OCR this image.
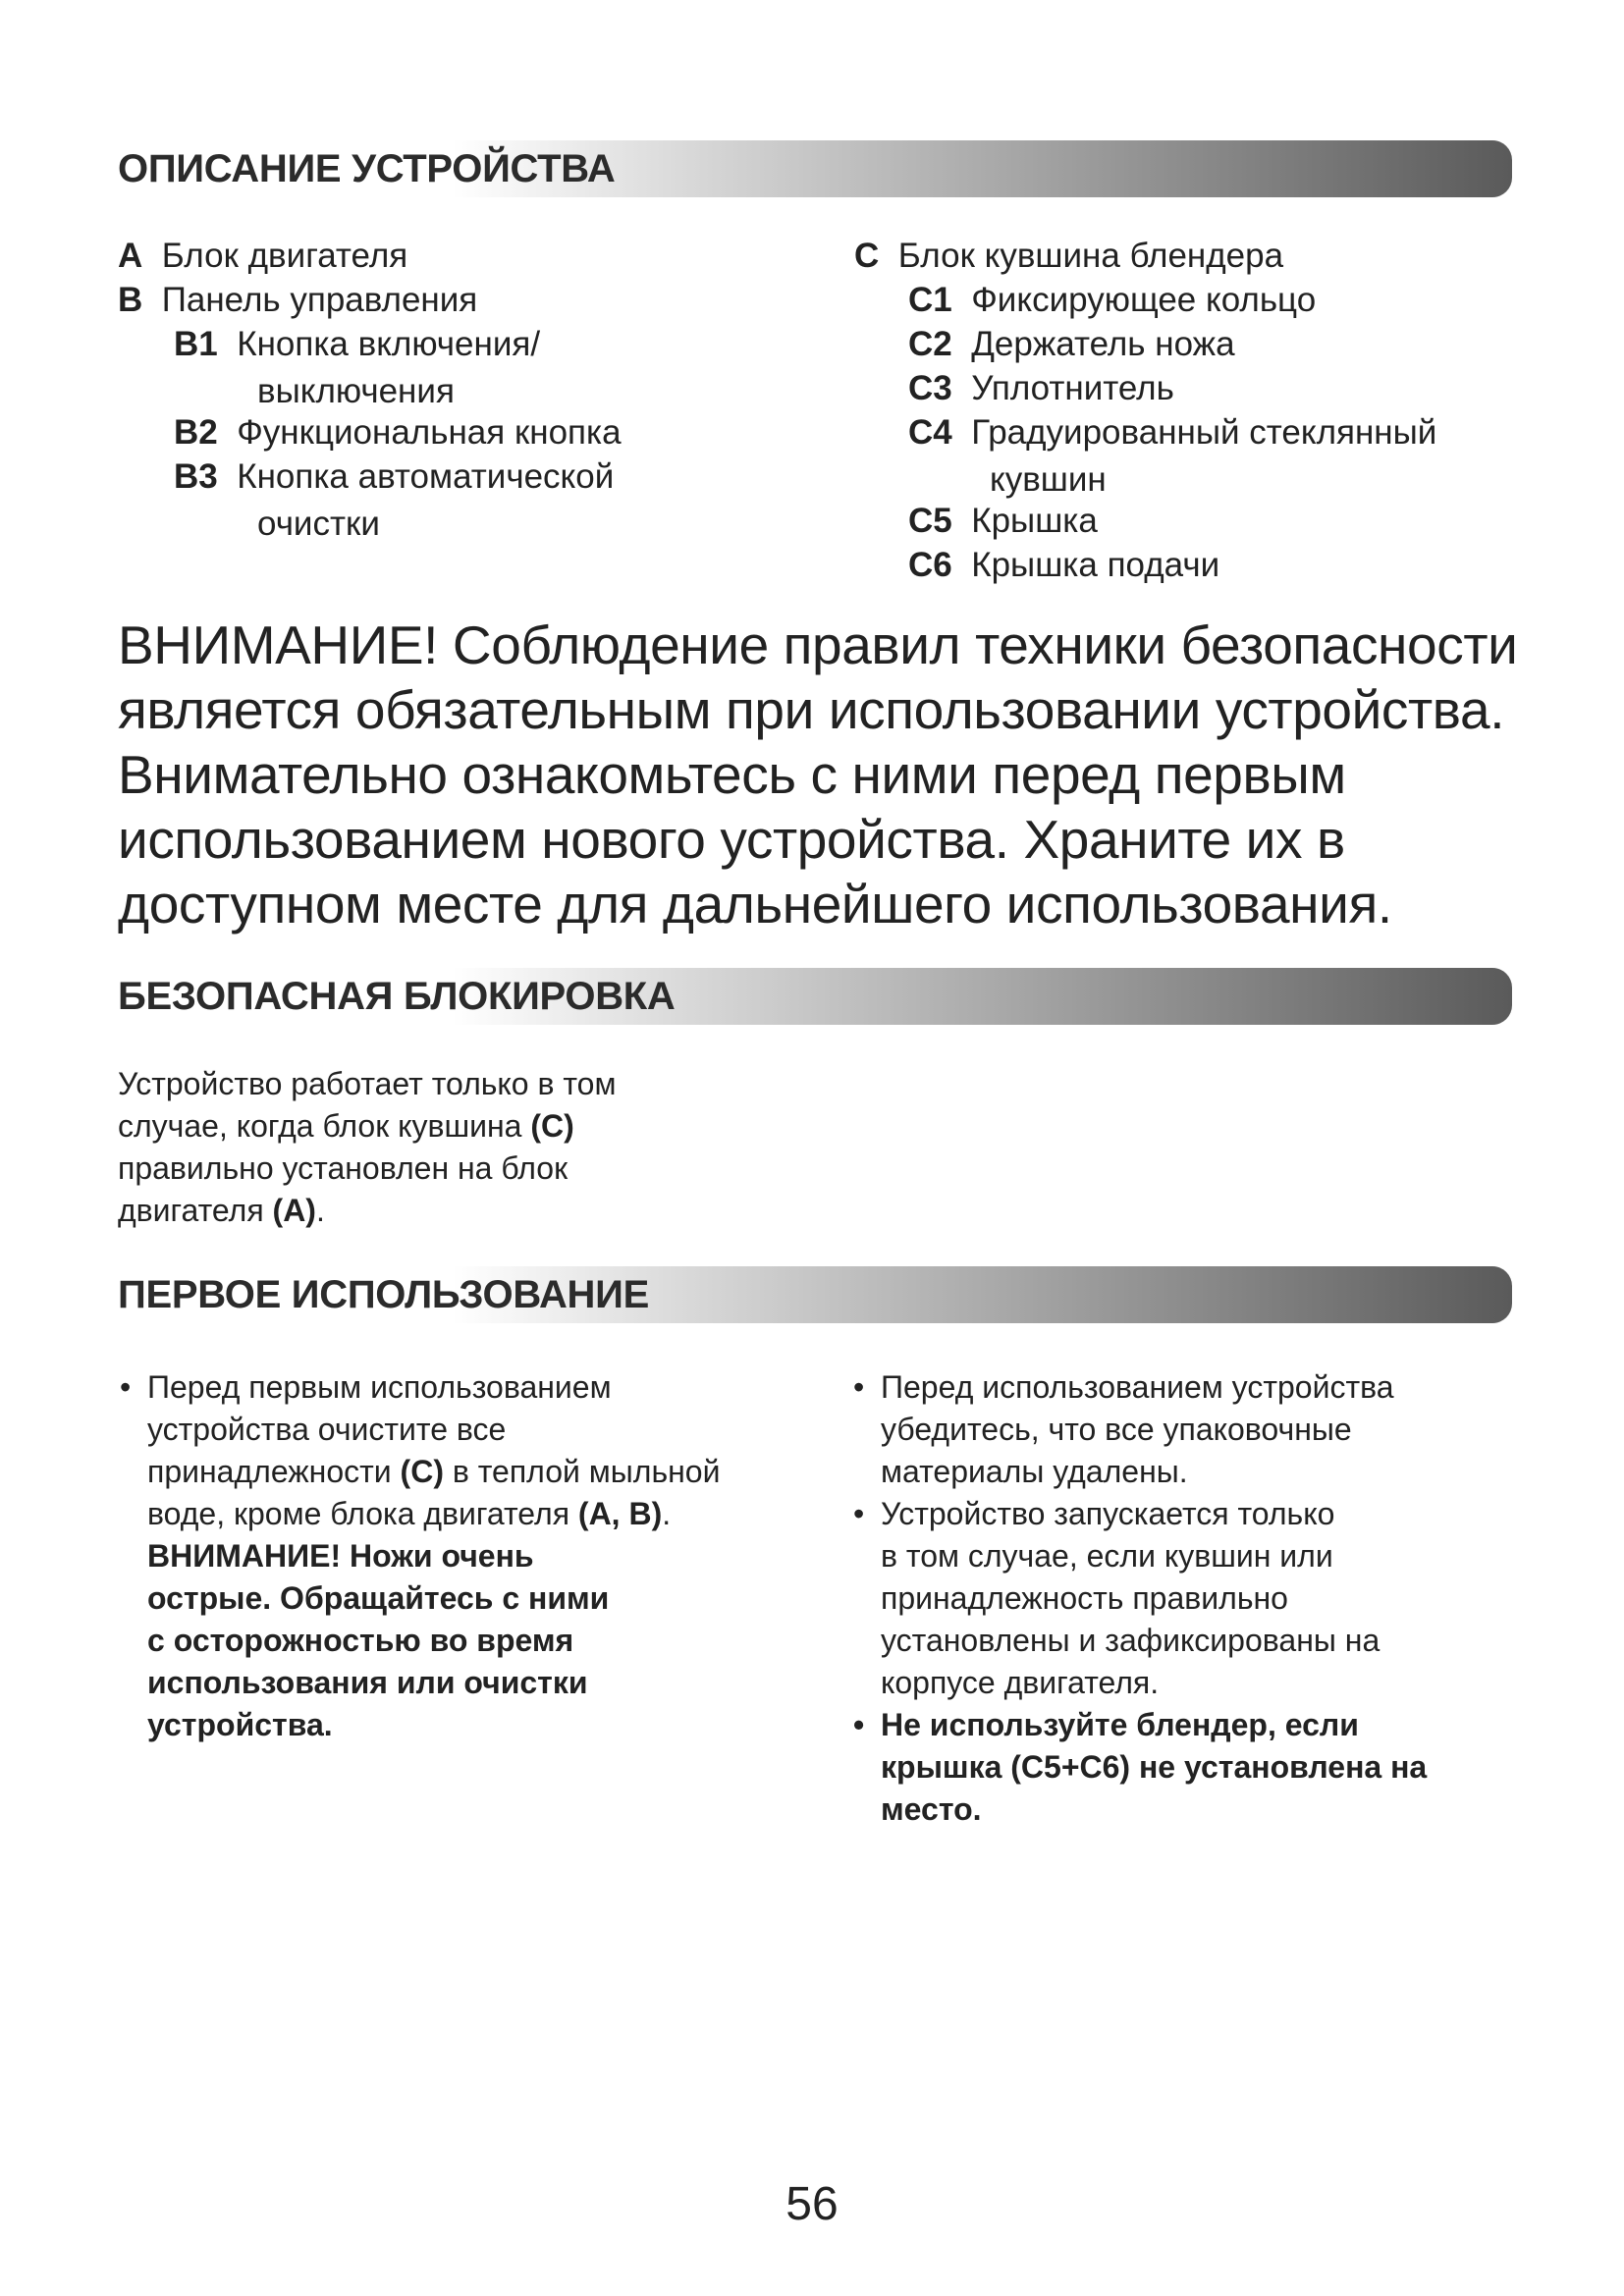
ОПИСАНИЕ УСТРОЙСТВА
A Блок двигателя
B Панель управления
B1 Кнопка включения/
выключения
B2 Функциональная кнопка
B3 Кнопка автоматической
очистки
C Блок кувшина блендера
C1 Фиксирующее кольцо
C2 Держатель ножа
C3 Уплотнитель
C4 Градуированный стеклянный
кувшин
C5 Крышка
C6 Крышка подачи
ВНИМАНИЕ! Соблюдение правил техники безопасности
является обязательным при использовании устройства.
Внимательно ознакомьтесь с ними перед первым
использованием нового устройства. Храните их в
доступном месте для дальнейшего использования.
БЕЗОПАСНАЯ БЛОКИРОВКА
Устройство работает только в том
случае, когда блок кувшина (C)
правильно установлен на блок
двигателя (A).
ПЕРВОЕ ИСПОЛЬЗОВАНИЕ
• Перед первым использованием
устройства очистите все
принадлежности (C) в теплой мыльной
воде, кроме блока двигателя (A, B).
ВНИМАНИЕ! Ножи очень
острые. Обращайтесь с ними
с осторожностью во время
использования или очистки
устройства.
• Перед использованием устройства
убедитесь, что все упаковочные
материалы удалены.
• Устройство запускается только
в том случае, если кувшин или
принадлежность правильно
установлены и зафиксированы на
корпусе двигателя.
• Не используйте блендер, если
крышка (C5+C6) не установлена на
место.
56
